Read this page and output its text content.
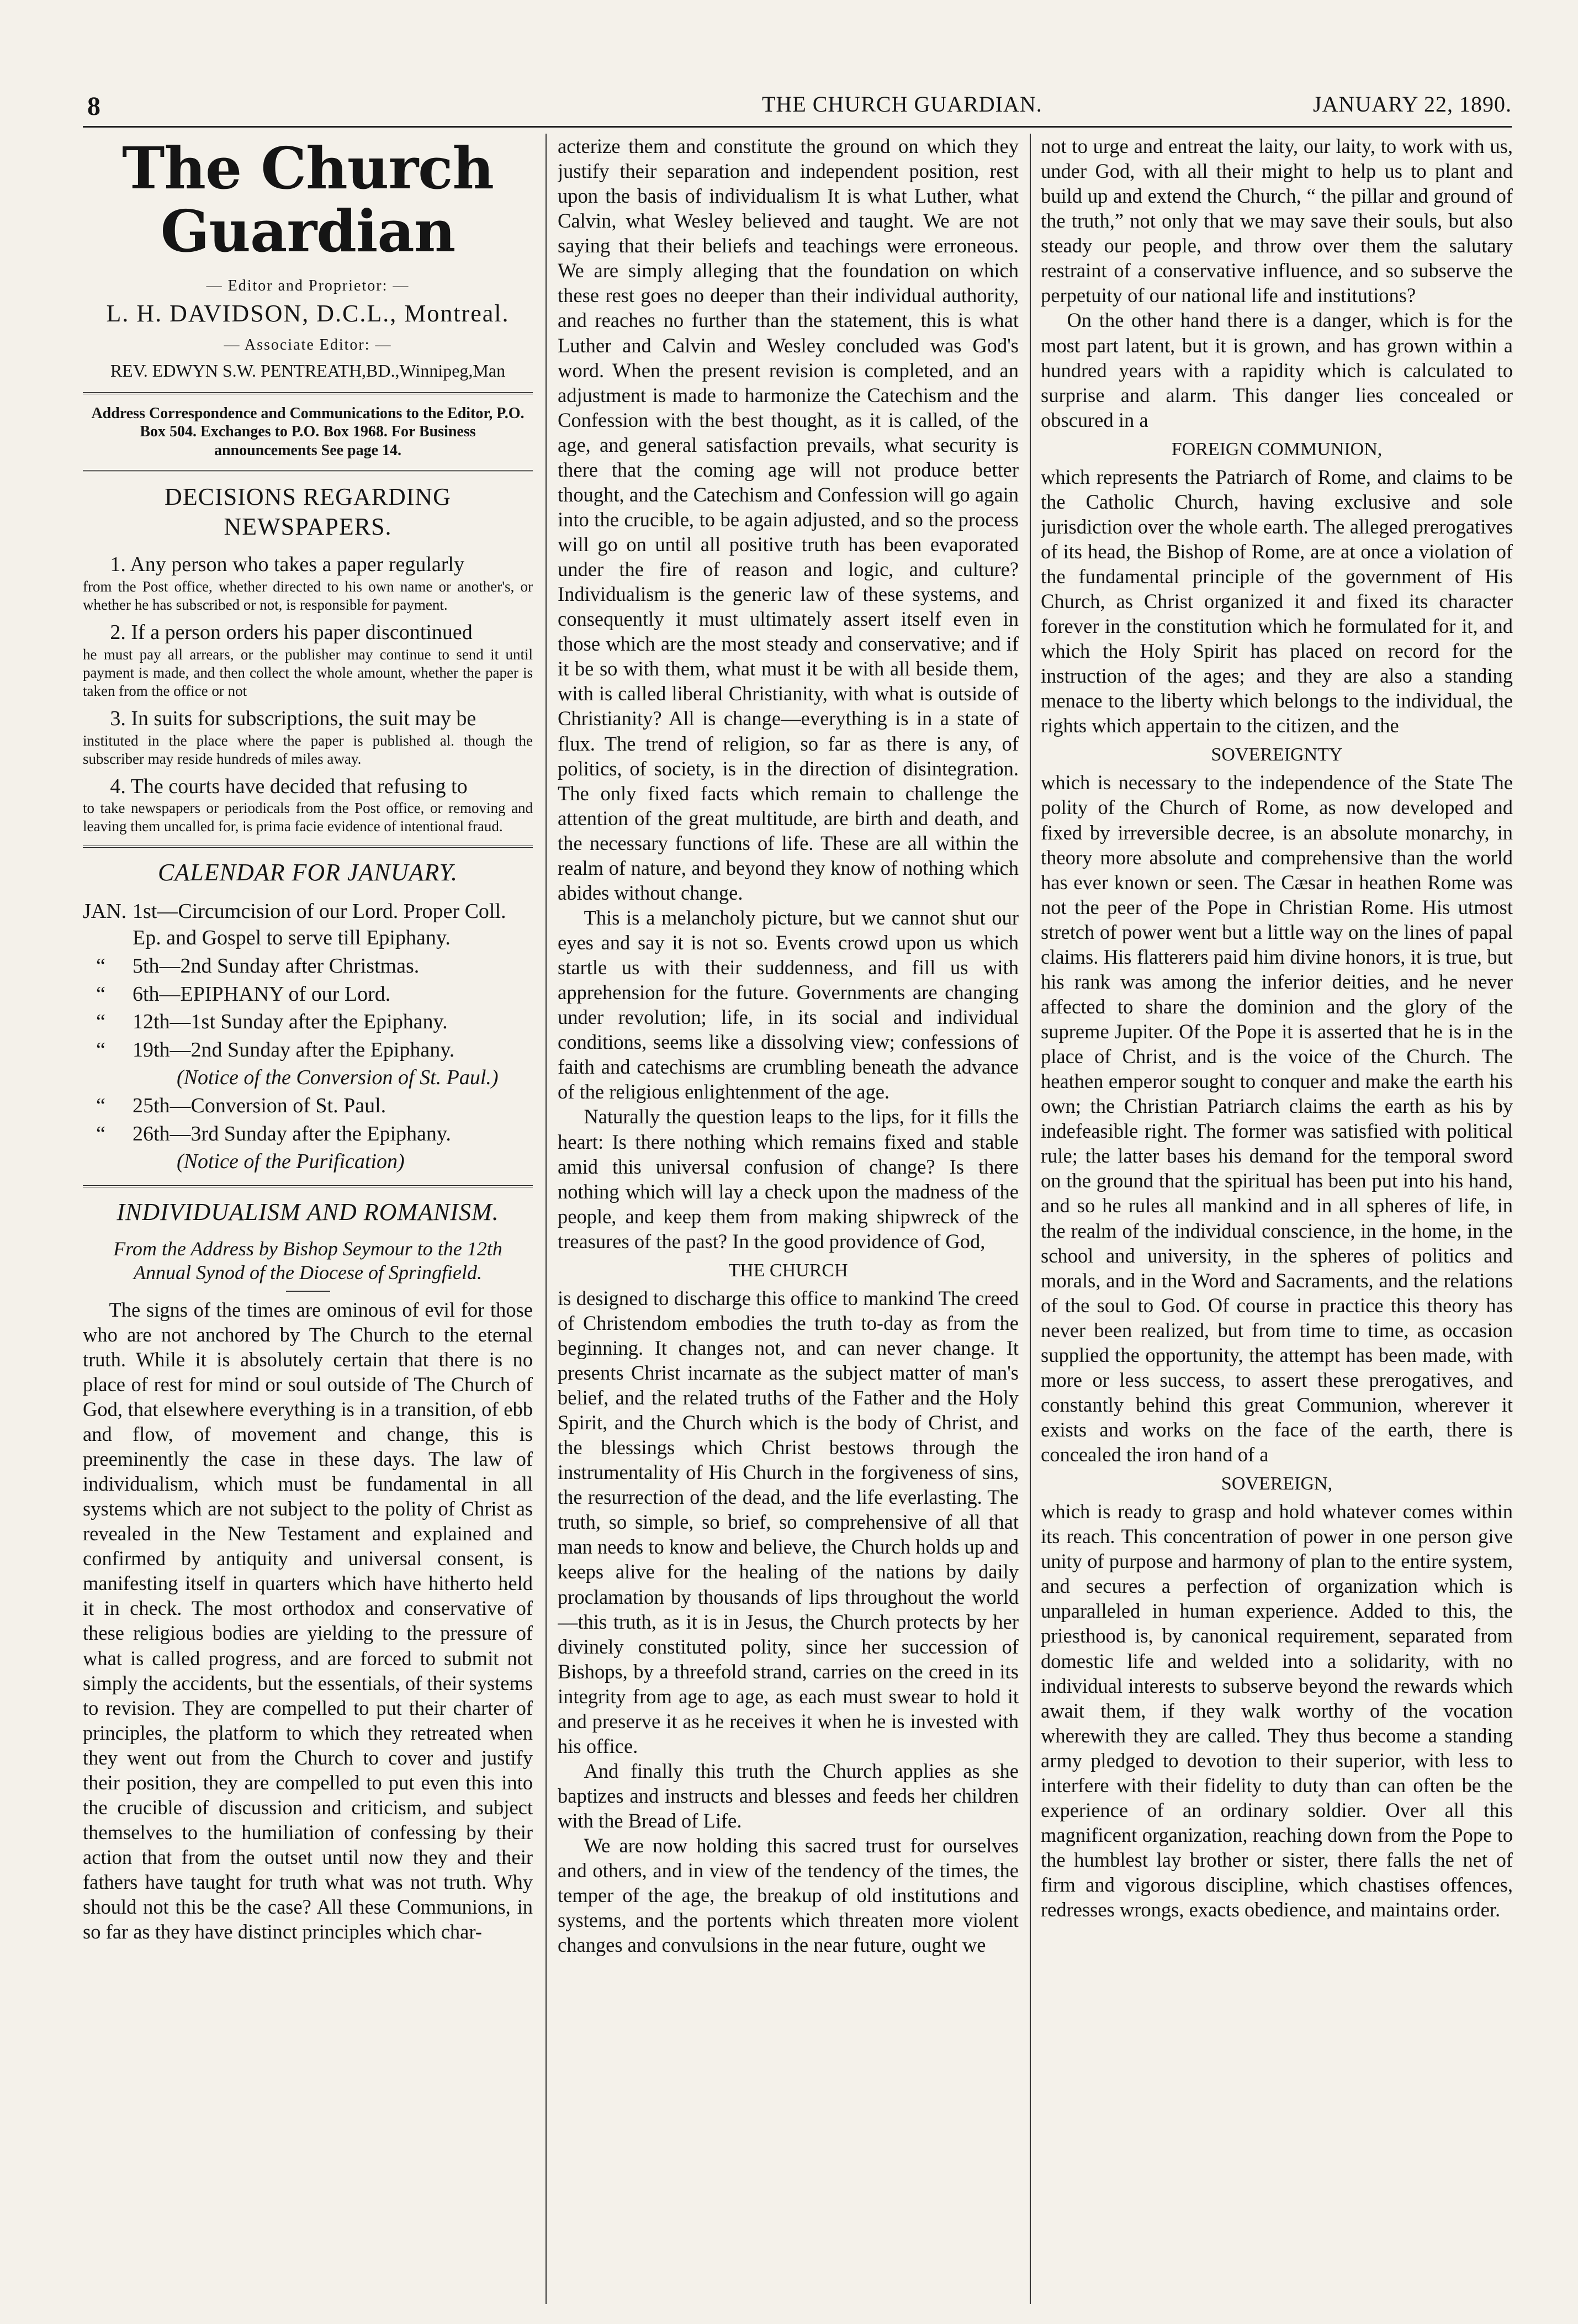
8	THE CHURCH GUARDIAN.	JANUARY 22, 1890.
The Church Guardian
— Editor and Proprietor: —
L. H. DAVIDSON, D.C.L., Montreal.
— Associate Editor: —
REV. EDWYN S.W. PENTREATH,BD.,Winnipeg,Man
Address Correspondence and Communications to the Editor, P.O. Box 504. Exchanges to P.O. Box 1968. For Business announcements See page 14.
DECISIONS REGARDING NEWSPAPERS.
1. Any person who takes a paper regularly
from the Post office, whether directed to his own name or another's, or whether he has subscribed or not, is responsible for payment.
2. If a person orders his paper discontinued
he must pay all arrears, or the publisher may continue to send it until payment is made, and then collect the whole amount, whether the paper is taken from the office or not
3. In suits for subscriptions, the suit may be
instituted in the place where the paper is published al. though the subscriber may reside hundreds of miles away.
4. The courts have decided that refusing to
to take newspapers or periodicals from the Post office, or removing and leaving them uncalled for, is prima facie evidence of intentional fraud.
CALENDAR FOR JANUARY.
JAN. 1st—Circumcision of our Lord. Proper Coll. Ep. and Gospel to serve till Epiphany.
“	5th—2nd Sunday after Christmas.
“	6th—EPIPHANY of our Lord.
“	12th—1st Sunday after the Epiphany.
“	19th—2nd Sunday after the Epiphany.
(Notice of the Conversion of St. Paul.)
“	25th—Conversion of St. Paul.
“	26th—3rd Sunday after the Epiphany.
(Notice of the Purification)
INDIVIDUALISM AND ROMANISM.
From the Address by Bishop Seymour to the 12th Annual Synod of the Diocese of Springfield.

The signs of the times are ominous of evil for those who are not anchored by The Church to the eternal truth. While it is absolutely certain that there is no place of rest for mind or soul outside of The Church of God, that elsewhere everything is in a transition, of ebb and flow, of movement and change, this is preeminently the case in these days. The law of individualism, which must be fundamental in all systems which are not subject to the polity of Christ as revealed in the New Testament and explained and confirmed by antiquity and universal consent, is manifesting itself in quarters which have hitherto held it in check. The most orthodox and conservative of these religious bodies are yielding to the pressure of what is called progress, and are forced to submit not simply the accidents, but the essentials, of their systems to revision. They are compelled to put their charter of principles, the platform to which they retreated when they went out from the Church to cover and justify their position, they are compelled to put even this into the crucible of discussion and criticism, and subject themselves to the humiliation of confessing by their action that from the outset until now they and their fathers have taught for truth what was not truth. Why should not this be the case? All these Communions, in so far as they have distinct principles which char-

acterize them and constitute the ground on which they justify their separation and independent position, rest upon the basis of individualism It is what Luther, what Calvin, what Wesley believed and taught. We are not saying that their beliefs and teachings were erroneous. We are simply alleging that the foundation on which these rest goes no deeper than their individual authority, and reaches no further than the statement, this is what Luther and Calvin and Wesley concluded was God's word. When the present revision is completed, and an adjustment is made to harmonize the Catechism and the Confession with the best thought, as it is called, of the age, and general satisfaction prevails, what security is there that the coming age will not produce better thought, and the Catechism and Confession will go again into the crucible, to be again adjusted, and so the process will go on until all positive truth has been evaporated under the fire of reason and logic, and culture? Individualism is the generic law of these systems, and consequently it must ultimately assert itself even in those which are the most steady and conservative; and if it be so with them, what must it be with all beside them, with is called liberal Christianity, with what is outside of Christianity? All is change—everything is in a state of flux. The trend of religion, so far as there is any, of politics, of society, is in the direction of disintegration. The only fixed facts which remain to challenge the attention of the great multitude, are birth and death, and the necessary functions of life. These are all within the realm of nature, and beyond they know of nothing which abides without change.

This is a melancholy picture, but we cannot shut our eyes and say it is not so. Events crowd upon us which startle us with their suddenness, and fill us with apprehension for the future. Governments are changing under revolution; life, in its social and individual conditions, seems like a dissolving view; confessions of faith and catechisms are crumbling beneath the advance of the religious enlightenment of the age.

Naturally the question leaps to the lips, for it fills the heart: Is there nothing which remains fixed and stable amid this universal confusion of change? Is there nothing which will lay a check upon the madness of the people, and keep them from making shipwreck of the treasures of the past? In the good providence of God,

THE CHURCH

is designed to discharge this office to mankind The creed of Christendom embodies the truth to-day as from the beginning. It changes not, and can never change. It presents Christ incarnate as the subject matter of man's belief, and the related truths of the Father and the Holy Spirit, and the Church which is the body of Christ, and the blessings which Christ bestows through the instrumentality of His Church in the forgiveness of sins, the resurrection of the dead, and the life everlasting. The truth, so simple, so brief, so comprehensive of all that man needs to know and believe, the Church holds up and keeps alive for the healing of the nations by daily proclamation by thousands of lips throughout the world—this truth, as it is in Jesus, the Church protects by her divinely constituted polity, since her succession of Bishops, by a threefold strand, carries on the creed in its integrity from age to age, as each must swear to hold it and preserve it as he receives it when he is invested with his office.

And finally this truth the Church applies as she baptizes and instructs and blesses and feeds her children with the Bread of Life.

We are now holding this sacred trust for ourselves and others, and in view of the tendency of the times, the temper of the age, the breakup of old institutions and systems, and the portents which threaten more violent changes and convulsions in the near future, ought we

not to urge and entreat the laity, our laity, to work with us, under God, with all their might to help us to plant and build up and extend the Church, “ the pillar and ground of the truth,” not only that we may save their souls, but also steady our people, and throw over them the salutary restraint of a conservative influence, and so subserve the perpetuity of our national life and institutions?

On the other hand there is a danger, which is for the most part latent, but it is grown, and has grown within a hundred years with a rapidity which is calculated to surprise and alarm. This danger lies concealed or obscured in a

FOREIGN COMMUNION,

which represents the Patriarch of Rome, and claims to be the Catholic Church, having exclusive and sole jurisdiction over the whole earth. The alleged prerogatives of its head, the Bishop of Rome, are at once a violation of the fundamental principle of the government of His Church, as Christ organized it and fixed its character forever in the constitution which he formulated for it, and which the Holy Spirit has placed on record for the instruction of the ages; and they are also a standing menace to the liberty which belongs to the individual, the rights which appertain to the citizen, and the

SOVEREIGNTY

which is necessary to the independence of the State The polity of the Church of Rome, as now developed and fixed by irreversible decree, is an absolute monarchy, in theory more absolute and comprehensive than the world has ever known or seen. The Cæsar in heathen Rome was not the peer of the Pope in Christian Rome. His utmost stretch of power went but a little way on the lines of papal claims. His flatterers paid him divine honors, it is true, but his rank was among the inferior deities, and he never affected to share the dominion and the glory of the supreme Jupiter. Of the Pope it is asserted that he is in the place of Christ, and is the voice of the Church. The heathen emperor sought to conquer and make the earth his own; the Christian Patriarch claims the earth as his by indefeasible right. The former was satisfied with political rule; the latter bases his demand for the temporal sword on the ground that the spiritual has been put into his hand, and so he rules all mankind and in all spheres of life, in the realm of the individual conscience, in the home, in the school and university, in the spheres of politics and morals, and in the Word and Sacraments, and the relations of the soul to God. Of course in practice this theory has never been realized, but from time to time, as occasion supplied the opportunity, the attempt has been made, with more or less success, to assert these prerogatives, and constantly behind this great Communion, wherever it exists and works on the face of the earth, there is concealed the iron hand of a

SOVEREIGN,

which is ready to grasp and hold whatever comes within its reach. This concentration of power in one person give unity of purpose and harmony of plan to the entire system, and secures a perfection of organization which is unparalleled in human experience. Added to this, the priesthood is, by canonical requirement, separated from domestic life and welded into a solidarity, with no individual interests to subserve beyond the rewards which await them, if they walk worthy of the vocation wherewith they are called. They thus become a standing army pledged to devotion to their superior, with less to interfere with their fidelity to duty than can often be the experience of an ordinary soldier. Over all this magnificent organization, reaching down from the Pope to the humblest lay brother or sister, there falls the net of firm and vigorous discipline, which chastises offences, redresses wrongs, exacts obedience, and maintains order.
